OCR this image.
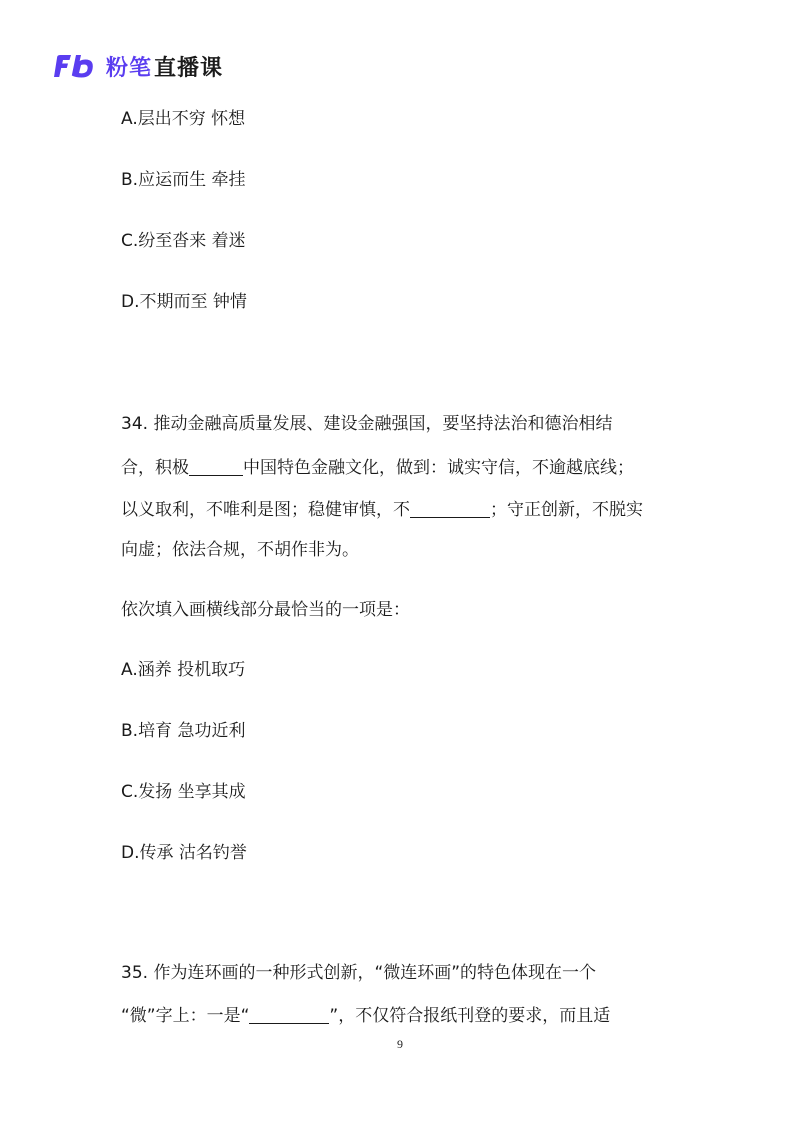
粉笔 直播课
A.层出不穷 怀想
B.应运而生 牵挂
C.纷至沓来 着迷
D.不期而至 钟情
34. 推动金融高质量发展、建设金融强国，要坚持法治和德治相结
合，积极	中国特色金融文化，做到：诚实守信，不逾越底线；
以义取利，不唯利是图；稳健审慎，不	；守正创新，不脱实
向虚；依法合规，不胡作非为。
依次填入画横线部分最恰当的一项是：
A.涵养 投机取巧
B.培育 急功近利
C.发扬 坐享其成
D.传承 沽名钓誉
35. 作为连环画的一种形式创新，“微连环画”的特色体现在一个
“微”字上：一是“	”，不仅符合报纸刊登的要求，而且适
9
